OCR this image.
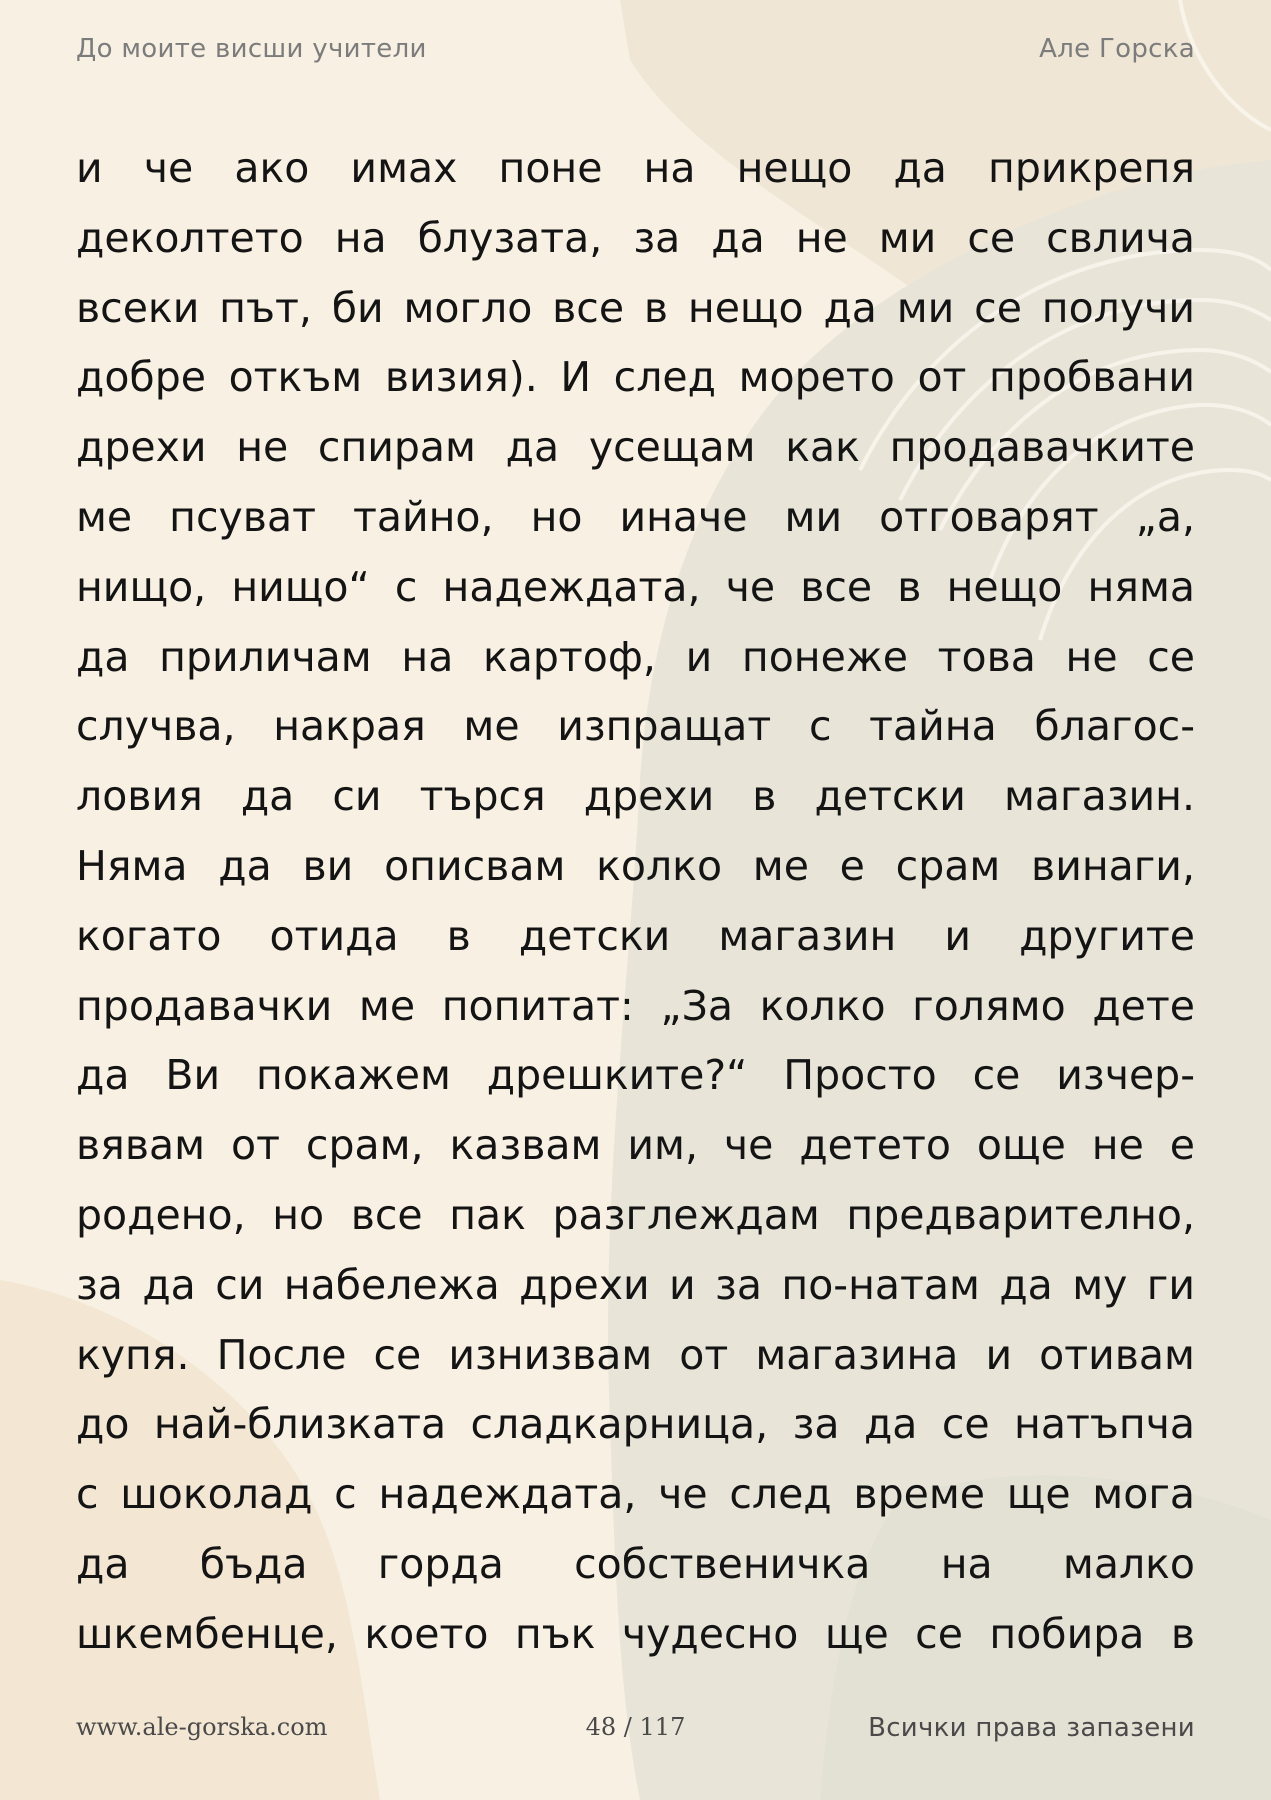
До моите висши учители	Але Горска
и че ако имах поне на нещо да прикрепя
деколтето на блузата, за да не ми се свлича
всеки път, би могло все в нещо да ми се получи
добре откъм визия). И след морето от пробвани
дрехи не спирам да усещам как продавачките
ме псуват тайно, но иначе ми отговарят „а,
нищо, нищо“ с надеждата, че все в нещо няма
да приличам на картоф, и понеже това не се
случва, накрая ме изпращат с тайна благос-
ловия да си търся дрехи в детски магазин.
Няма да ви описвам колко ме е срам винаги,
когато отида в детски магазин и другите
продавачки ме попитат: „За колко голямо дете
да Ви покажем дрешките?“ Просто се изчер-
вявам от срам, казвам им, че детето още не е
родено, но все пак разглеждам предварително,
за да си набележа дрехи и за по-натам да му ги
купя. После се изнизвам от магазина и отивам
до най-близката сладкарница, за да се натъпча
с шоколад с надеждата, че след време ще мога
да бъда горда собственичка на малко
шкембенце, което пък чудесно ще се побира в
www.ale-gorska.com	48 / 117	Всички права запазени
